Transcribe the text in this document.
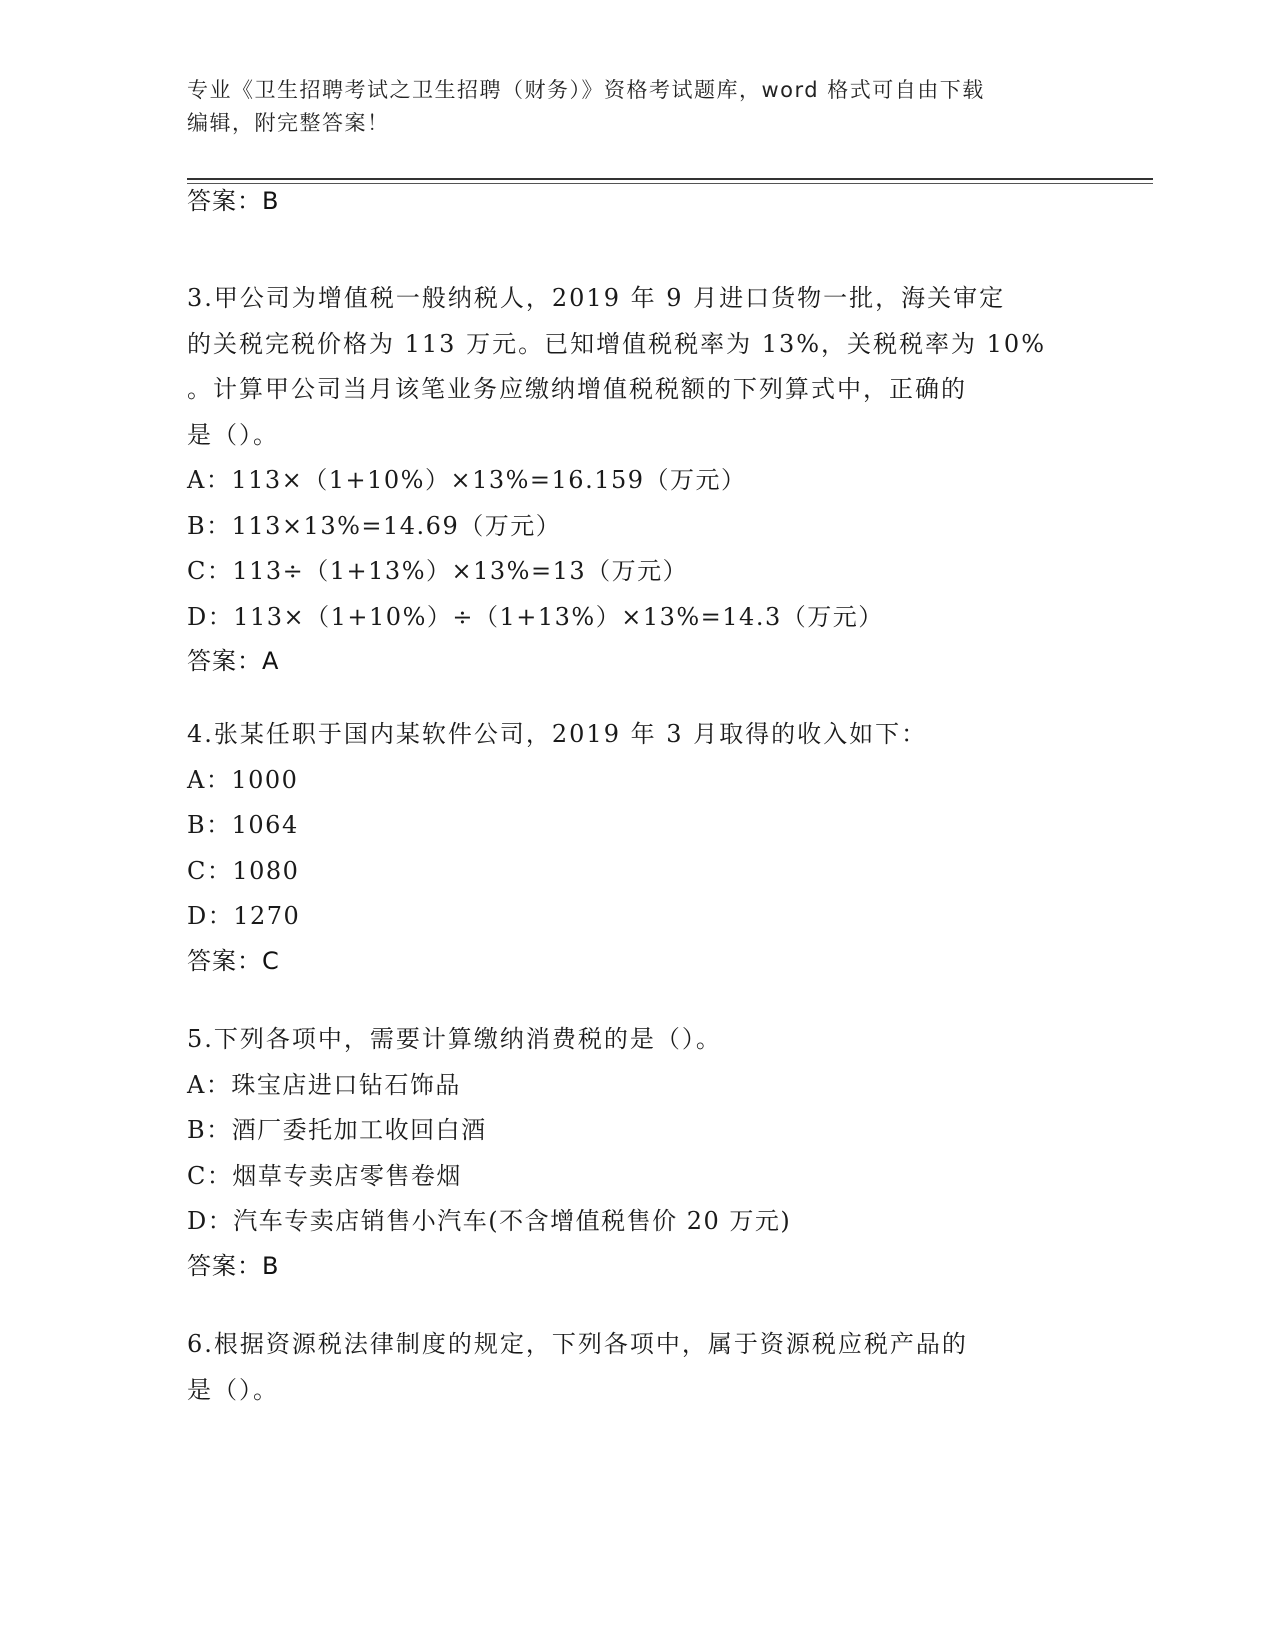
专业《卫生招聘考试之卫生招聘（财务）》资格考试题库，word 格式可自由下载
编辑，附完整答案！
答案：B
3.甲公司为增值税一般纳税人，2019 年 9 月进口货物一批，海关审定
的关税完税价格为 113 万元。已知增值税税率为 13%，关税税率为 10%
。计算甲公司当月该笔业务应缴纳增值税税额的下列算式中，正确的
是（）。
A：113×（1+10%）×13%=16.159（万元）
B：113×13%=14.69（万元）
C：113÷（1+13%）×13%=13（万元）
D：113×（1+10%）÷（1+13%）×13%=14.3（万元）
答案：A
4.张某任职于国内某软件公司，2019 年 3 月取得的收入如下：
A：1000
B：1064
C：1080
D：1270
答案：C
5.下列各项中，需要计算缴纳消费税的是（）。
A：珠宝店进口钻石饰品
B：酒厂委托加工收回白酒
C：烟草专卖店零售卷烟
D：汽车专卖店销售小汽车(不含增值税售价 20 万元)
答案：B
6.根据资源税法律制度的规定，下列各项中，属于资源税应税产品的
是（）。
